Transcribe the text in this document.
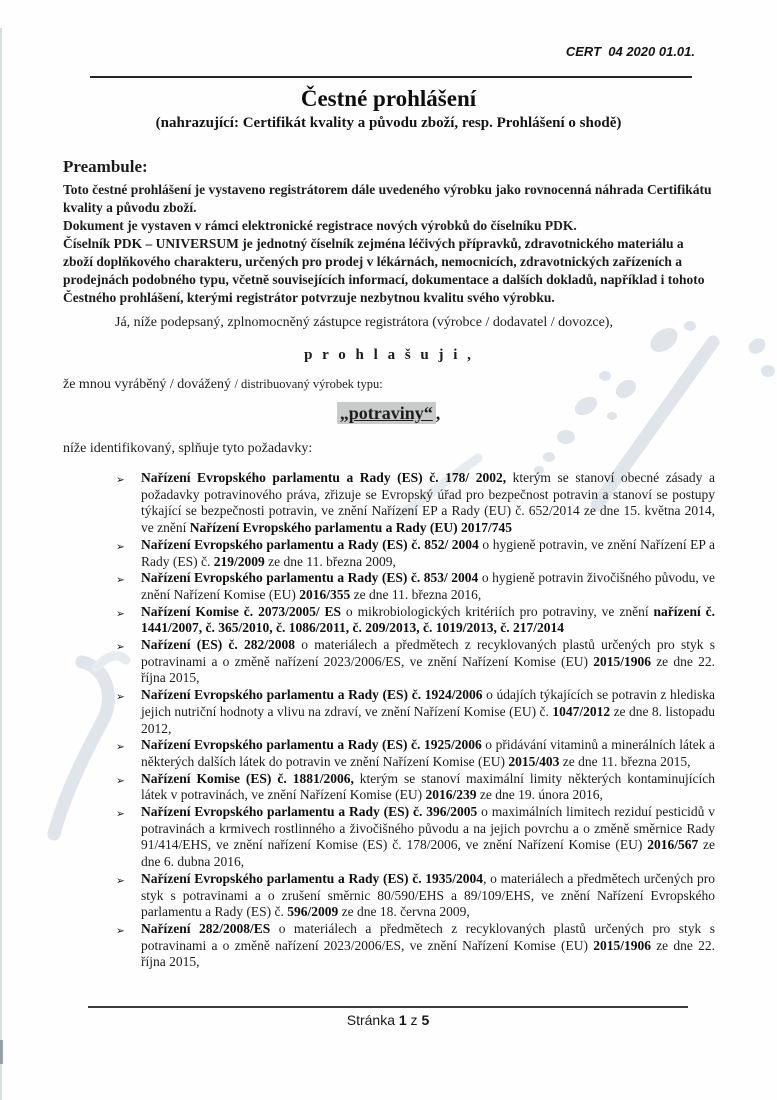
CERT  04 2020 01.01.
Čestné prohlášení
(nahrazující: Certifikát kvality a původu zboží, resp. Prohlášení o shodě)
Preambule:
Toto čestné prohlášení je vystaveno registrátorem dále uvedeného výrobku jako rovnocenná náhrada Certifikátu kvality a původu zboží.
Dokument je vystaven v rámci elektronické registrace nových výrobků do číselníku PDK.
Číselník PDK – UNIVERSUM je jednotný číselník zejména léčivých přípravků, zdravotnického materiálu a zboží doplňkového charakteru, určených pro prodej v lékárnách, nemocnicích, zdravotnických zařízeních a prodejnách podobného typu, včetně souvisejících informací, dokumentace a dalších dokladů, například i tohoto Čestného prohlášení, kterými registrátor potvrzuje nezbytnou kvalitu svého výrobku.
Já, níže podepsaný, zplnomocněný zástupce registrátora (výrobce / dodavatel / dovozce),
p r o h l a š u j i ,
že mnou vyráběný / dovážený / distribuovaný výrobek typu:
„potraviny“ ,
níže identifikovaný, splňuje tyto požadavky:
➢ Nařízení Evropského parlamentu a Rady (ES) č. 178/ 2002, kterým se stanoví obecné zásady a požadavky potravinového práva, zřizuje se Evropský úřad pro bezpečnost potravin a stanoví se postupy týkající se bezpečnosti potravin, ve znění Nařízení EP a Rady (EU) č. 652/2014 ze dne 15. května 2014, ve znění Nařízení Evropského parlamentu a Rady (EU) 2017/745
➢ Nařízení Evropského parlamentu a Rady (ES) č. 852/ 2004 o hygieně potravin, ve znění Nařízení EP a Rady (ES) č. 219/2009 ze dne 11. března 2009,
➢ Nařízení Evropského parlamentu a Rady (ES) č. 853/ 2004 o hygieně potravin živočišného původu, ve znění Nařízení Komise (EU) 2016/355 ze dne 11. března 2016,
➢ Nařízení Komise č. 2073/2005/ ES o mikrobiologických kritériích pro potraviny, ve znění nařízení č. 1441/2007, č. 365/2010, č. 1086/2011, č. 209/2013, č. 1019/2013, č. 217/2014
➢ Nařízení (ES) č. 282/2008 o materiálech a předmětech z recyklovaných plastů určených pro styk s potravinami a o změně nařízení 2023/2006/ES, ve znění Nařízení Komise (EU) 2015/1906 ze dne 22. října 2015,
➢ Nařízení Evropského parlamentu a Rady (ES) č. 1924/2006 o údajích týkajících se potravin z hlediska jejich nutriční hodnoty a vlivu na zdraví, ve znění Nařízení Komise (EU) č. 1047/2012 ze dne 8. listopadu 2012,
➢ Nařízení Evropského parlamentu a Rady (ES) č. 1925/2006 o přidávání vitaminů a minerálních látek a některých dalších látek do potravin ve znění Nařízení Komise (EU) 2015/403 ze dne 11. března 2015,
➢ Nařízení Komise (ES) č. 1881/2006, kterým se stanoví maximální limity některých kontaminujících látek v potravinách, ve znění Nařízení Komise (EU) 2016/239 ze dne 19. února 2016,
➢ Nařízení Evropského parlamentu a Rady (ES) č. 396/2005 o maximálních limitech reziduí pesticidů v potravinách a krmivech rostlinného a živočišného původu a na jejich povrchu a o změně směrnice Rady 91/414/EHS, ve znění nařízení Komise (ES) č. 178/2006, ve znění Nařízení Komise (EU) 2016/567 ze dne 6. dubna 2016,
➢ Nařízení Evropského parlamentu a Rady (ES) č. 1935/2004, o materiálech a předmětech určených pro styk s potravinami a o zrušení směrnic 80/590/EHS a 89/109/EHS, ve znění Nařízení Evropského parlamentu a Rady (ES) č. 596/2009 ze dne 18. června 2009,
➢ Nařízení 282/2008/ES o materiálech a předmětech z recyklovaných plastů určených pro styk s potravinami a o změně nařízení 2023/2006/ES, ve znění Nařízení Komise (EU) 2015/1906 ze dne 22. října 2015,
Stránka 1 z 5
